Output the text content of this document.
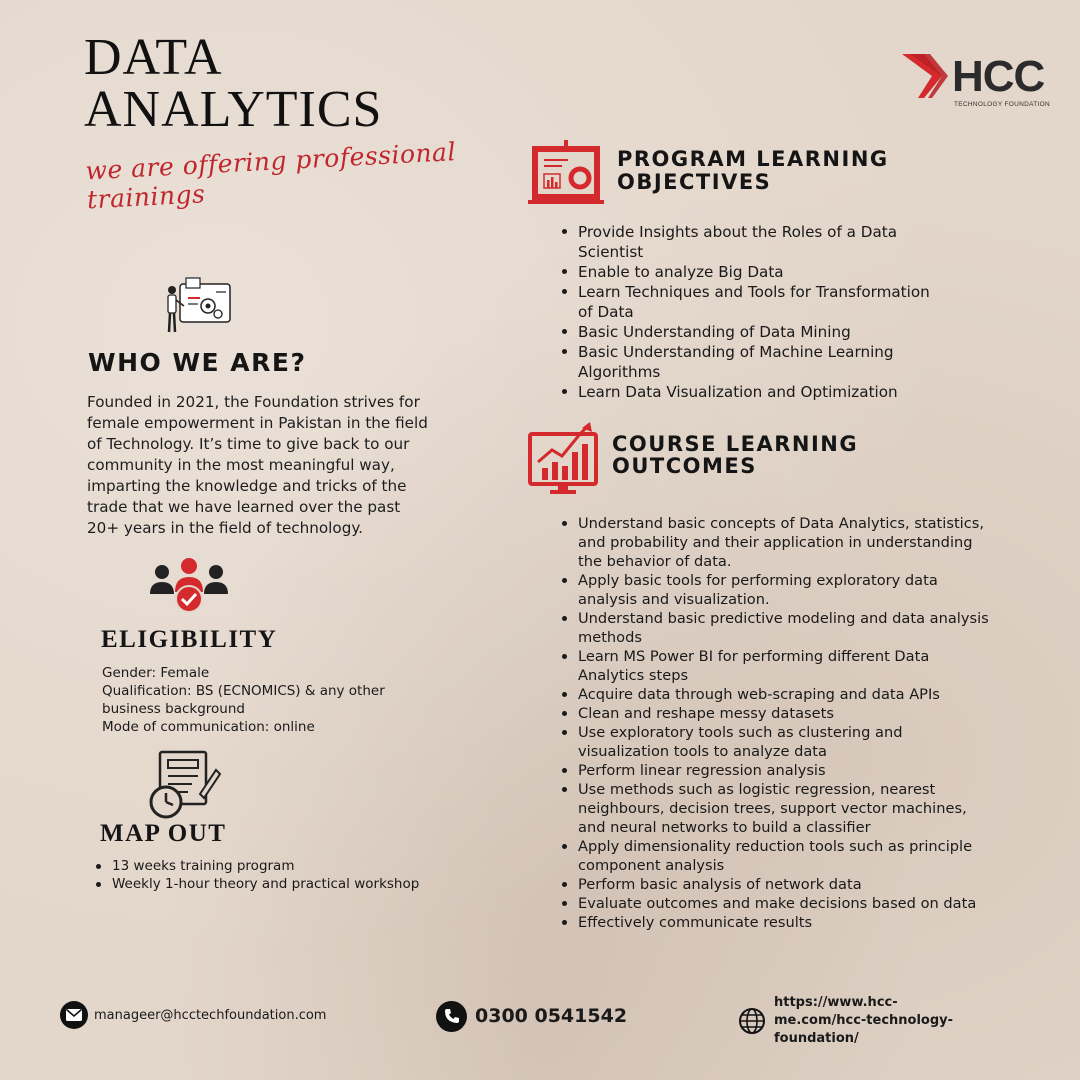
DATA
ANALYTICS
we are offering professional trainings
HCC
TECHNOLOGY FOUNDATION
WHO WE ARE?
Founded in 2021, the Foundation strives for female empowerment in Pakistan in the field of Technology. It’s time to give back to our community in the most meaningful way, imparting the knowledge and tricks of the trade that we have learned over the past 20+ years in the field of technology.
ELIGIBILITY
Gender: Female
Qualification: BS (ECNOMICS) & any other business background
Mode of communication: online
MAP OUT
13 weeks training program
Weekly 1-hour theory and practical workshop
PROGRAM LEARNING OBJECTIVES
Provide Insights about the Roles of a Data Scientist
Enable to analyze Big Data
Learn Techniques and Tools for Transformation of Data
Basic Understanding of Data Mining
Basic Understanding of Machine Learning Algorithms
Learn Data Visualization and Optimization
COURSE LEARNING OUTCOMES
Understand basic concepts of Data Analytics, statistics, and probability and their application in understanding the behavior of data.
Apply basic tools for performing exploratory data analysis and visualization.
Understand basic predictive modeling and data analysis methods
Learn MS Power BI for performing different Data Analytics steps
Acquire data through web-scraping and data APIs
Clean and reshape messy datasets
Use exploratory tools such as clustering and visualization tools to analyze data
Perform linear regression analysis
Use methods such as logistic regression, nearest neighbours, decision trees, support vector machines, and neural networks to build a classifier
Apply dimensionality reduction tools such as principle component analysis
Perform basic analysis of network data
Evaluate outcomes and make decisions based on data
Effectively communicate results
manageer@hcctechfoundation.com	0300 0541542
https://www.hcc-me.com/hcc-technology-foundation/
